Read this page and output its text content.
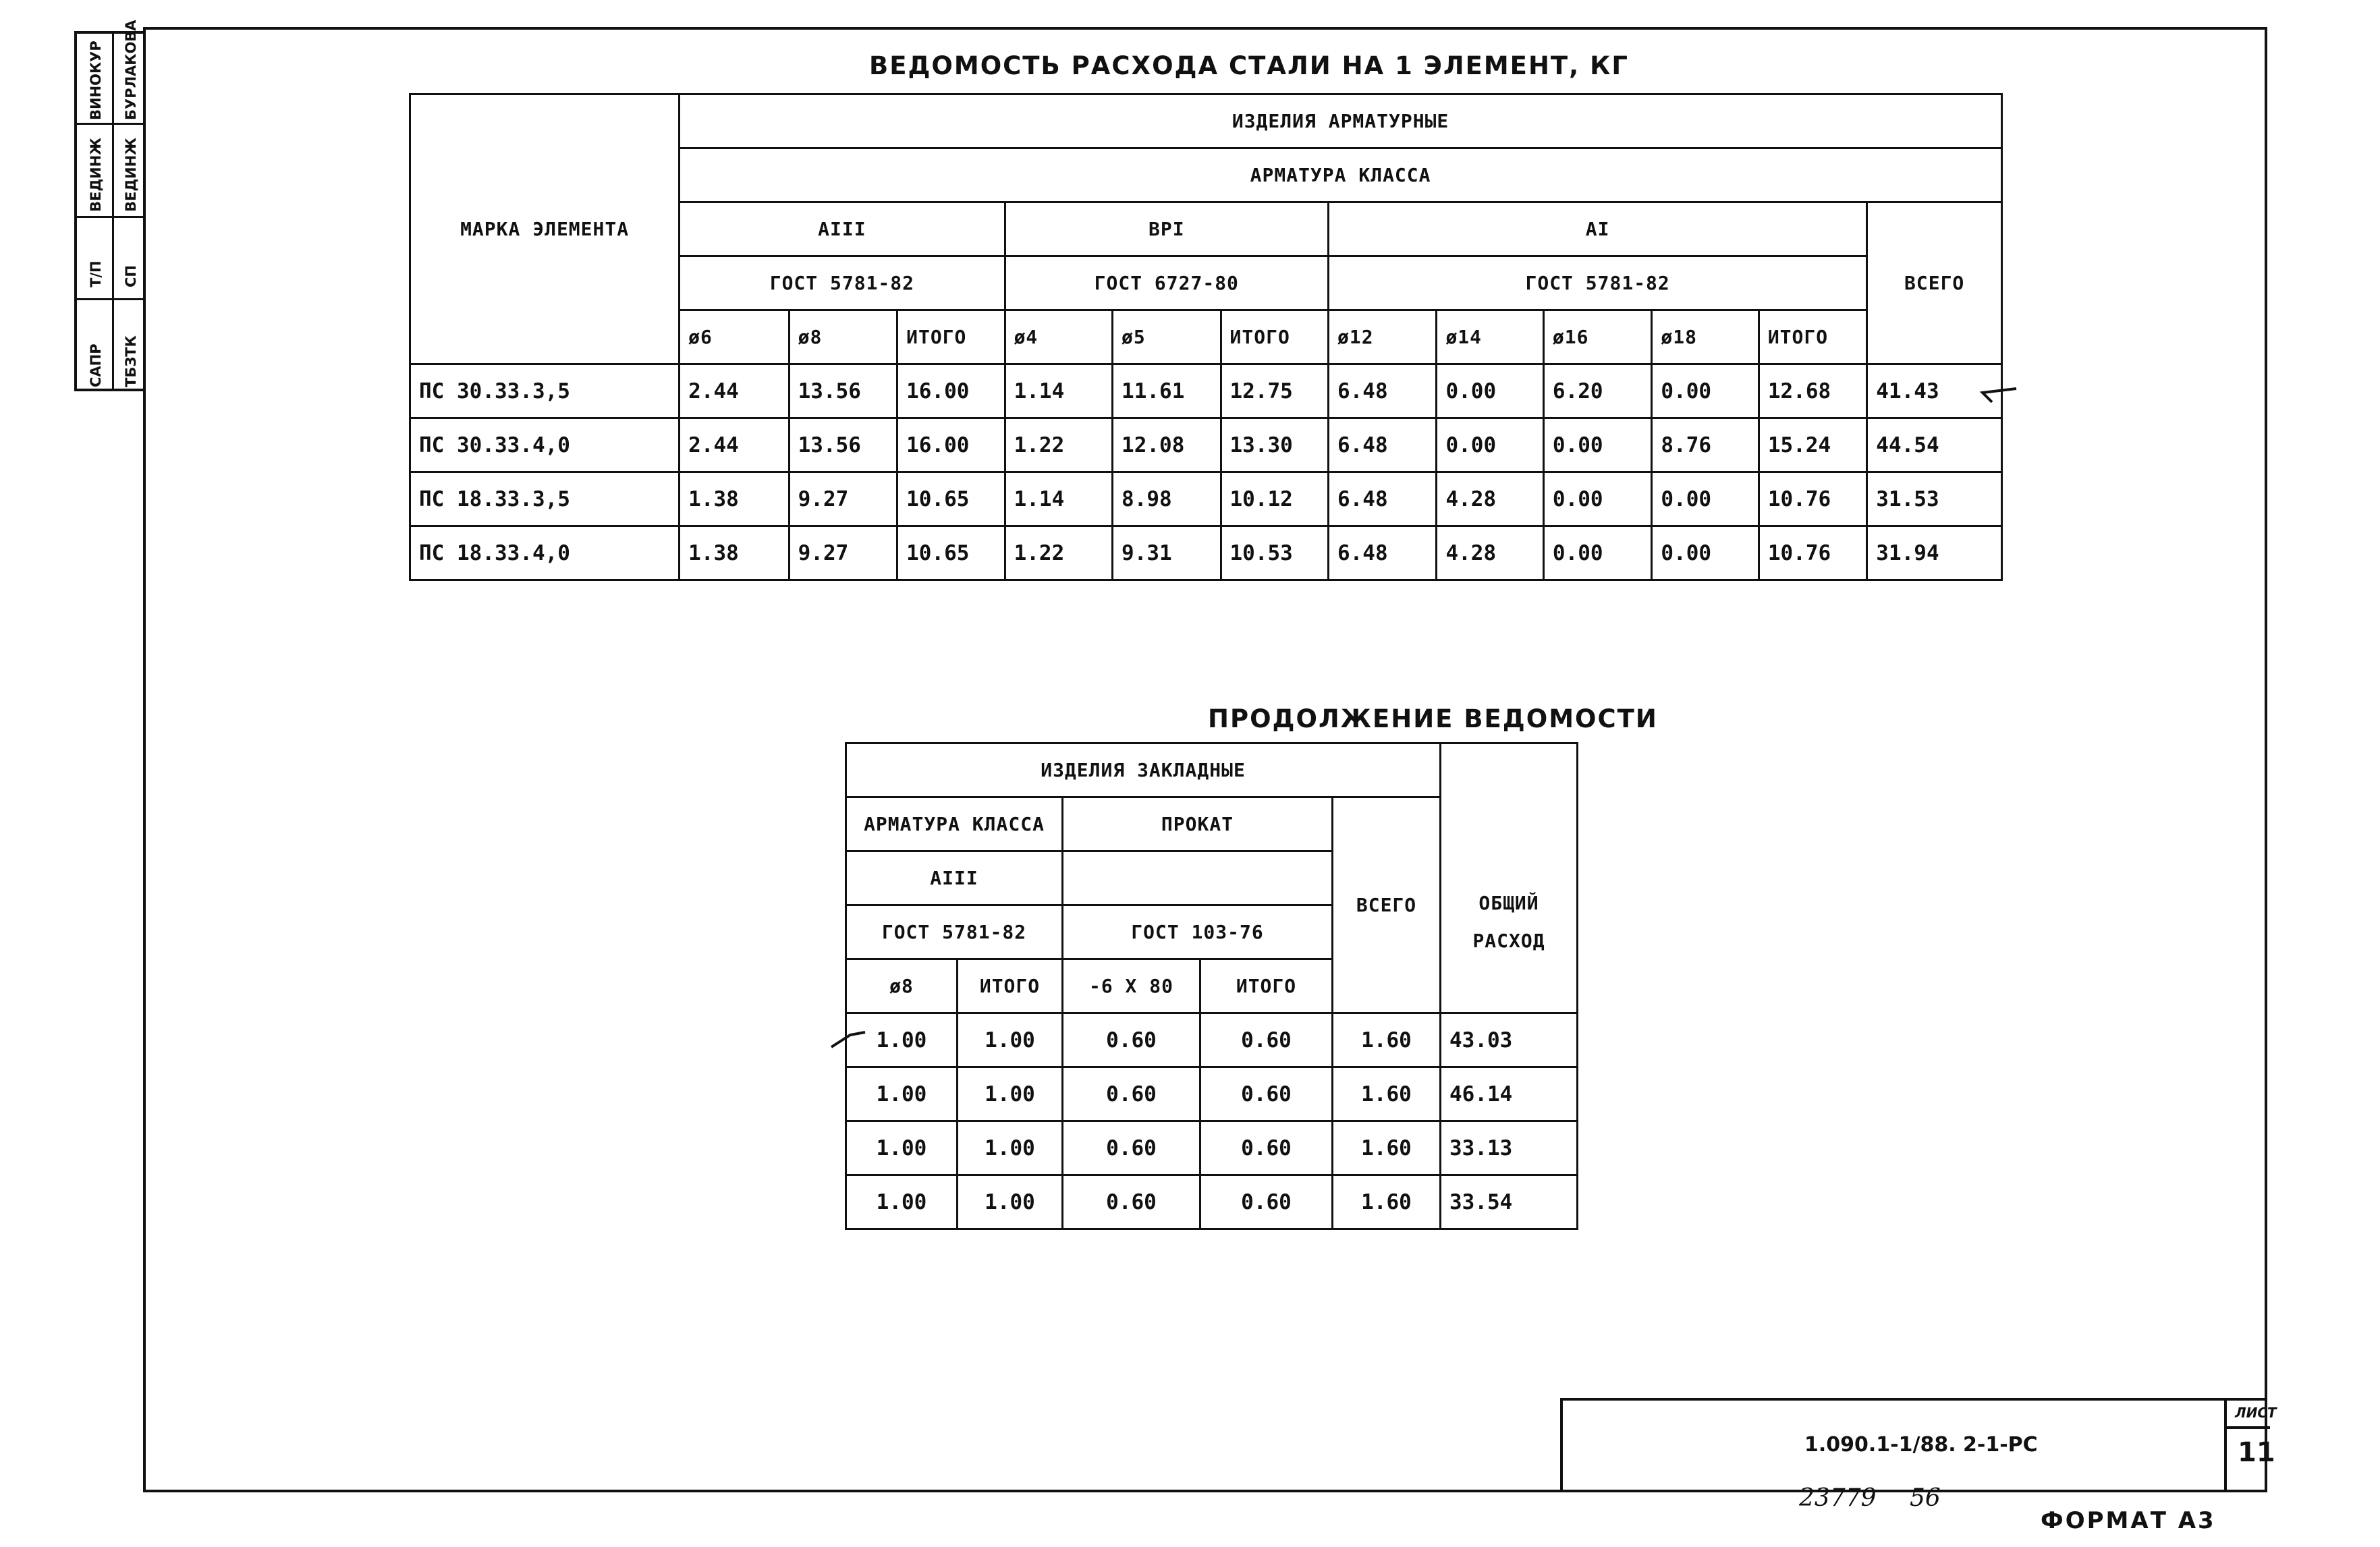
ВИНОКУР БУРЛАКОВА
ВЕДИНЖ ВЕДИНЖ
Т/П СП
САПР ТБЗТК
ВЕДОМОСТЬ РАСХОДА СТАЛИ НА 1 ЭЛЕМЕНТ, КГ
МАРКА ЭЛЕМЕНТА	ИЗДЕЛИЯ АРМАТУРНЫЕ											
	АРМАТУРА КЛАССА											
	АIII			ВРI			АI					ВСЕГО
	ГОСТ 5781-82			ГОСТ 6727-80			ГОСТ 5781-82					
	ø6	ø8	ИТОГО	ø4	ø5	ИТОГО	ø12	ø14	ø16	ø18	ИТОГО	
ПС 30.33.3,5	2.44	13.56	16.00	1.14	11.61	12.75	6.48	0.00	6.20	0.00	12.68	41.43
ПС 30.33.4,0	2.44	13.56	16.00	1.22	12.08	13.30	6.48	0.00	0.00	8.76	15.24	44.54
ПС 18.33.3,5	1.38	9.27	10.65	1.14	8.98	10.12	6.48	4.28	0.00	0.00	10.76	31.53
ПС 18.33.4,0	1.38	9.27	10.65	1.22	9.31	10.53	6.48	4.28	0.00	0.00	10.76	31.94
ПРОДОЛЖЕНИЕ ВЕДОМОСТИ
ИЗДЕЛИЯ ЗАКЛАДНЫЕ					ОБЩИЙ
РАСХОД

АРМАТУРА КЛАССА		ПРОКАТ		ВСЕГО	
АIII					
ГОСТ 5781-82		ГОСТ 103-76			
ø8	ИТОГО	-6 Х 80	ИТОГО		
1.00	1.00	0.60	0.60	1.60	43.03
1.00	1.00	0.60	0.60	1.60	46.14
1.00	1.00	0.60	0.60	1.60	33.13
1.00	1.00	0.60	0.60	1.60	33.54
1.090.1-1/88. 2-1-РС
ЛИСТ
11
23779 56
ФОРМАТ А3
